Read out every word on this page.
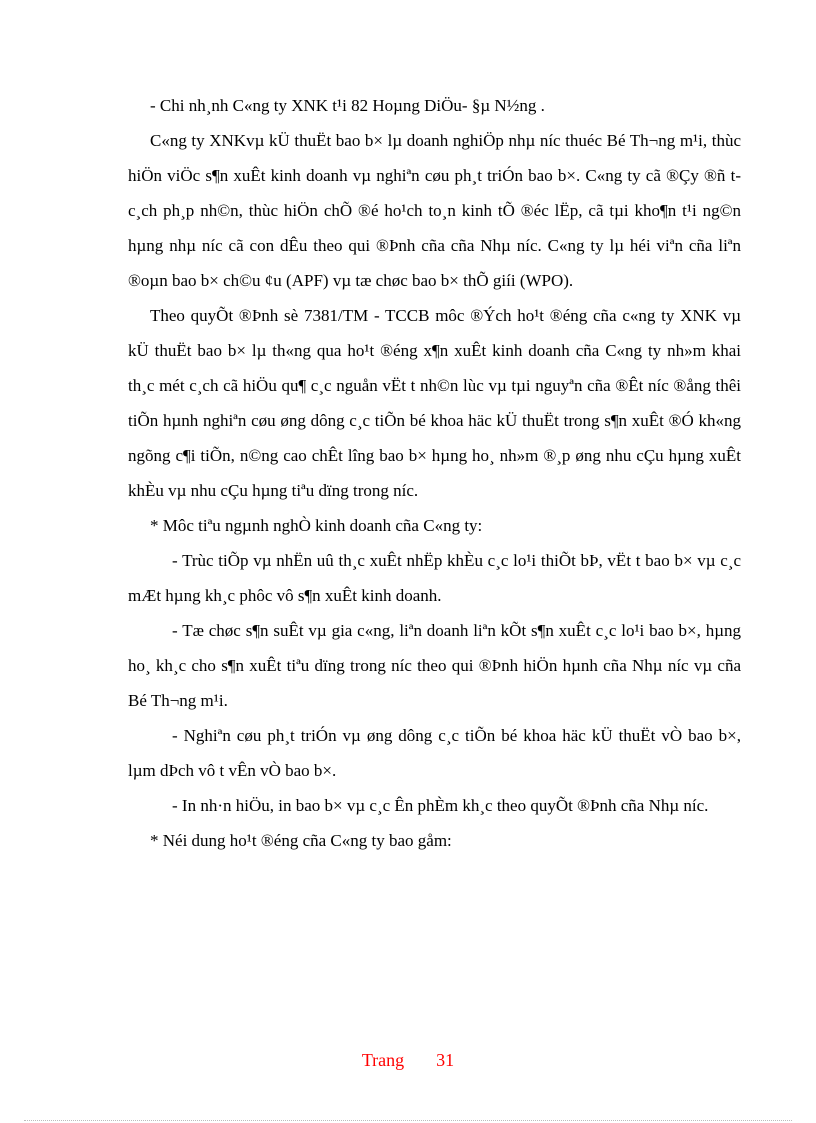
- Chi nh¸nh C«ng ty XNK t¹i 82 Hoµng DiÖu- §µ N½ng .

C«ng ty XNKvµ kÜ thuËt bao b× lµ doanh nghiÖp nhµ níc thuéc Bé Th¬ng m¹i, thùc hiÖn viÖc s¶n xuÊt kinh doanh vµ nghiªn cøu ph¸t triÓn bao b×. C«ng ty cã ®Çy ®ñ t c¸ch ph¸p nh©n, thùc hiÖn chÕ ®é ho¹ch to¸n kinh tÕ ®éc lËp, cã tµi kho¶n t¹i ng©n hµng nhµ níc cã con dÊu theo qui ®Þnh cña cña Nhµ níc. C«ng ty lµ héi viªn cña liªn ®oµn bao b× ch©u ¢u (APF) vµ tæ chøc bao b× thÕ giíi (WPO).

Theo quyÕt ®Þnh sè 7381/TM - TCCB môc ®Ých ho¹t ®éng cña c«ng ty XNK vµ kÜ thuËt bao b× lµ th«ng qua ho¹t ®éng x¶n xuÊt kinh doanh cña C«ng ty nh»m khai th¸c mét c¸ch cã hiÖu qu¶ c¸c nguån vËt t nh©n lùc vµ tµi nguyªn cña ®Êt níc ®ång thêi tiÕn hµnh nghiªn cøu øng dông c¸c tiÕn bé khoa häc kÜ thuËt trong s¶n xuÊt ®Ó kh«ng ngõng c¶i tiÕn, n©ng cao chÊt lîng bao b× hµng ho¸ nh»m ®¸p øng nhu cÇu hµng xuÊt khÈu vµ nhu cÇu hµng tiªu dïng trong níc.

* Môc tiªu ngµnh nghÒ kinh doanh cña C«ng ty:

- Trùc tiÕp vµ nhËn uû th¸c xuÊt nhËp khÈu c¸c lo¹i thiÕt bÞ, vËt t bao b× vµ c¸c mÆt hµng kh¸c phôc vô s¶n xuÊt kinh doanh.

- Tæ chøc s¶n suÊt vµ gia c«ng, liªn doanh liªn kÕt s¶n xuÊt c¸c lo¹i bao b×, hµng ho¸ kh¸c cho s¶n xuÊt tiªu dïng trong níc theo qui ®Þnh hiÖn hµnh cña Nhµ níc vµ cña Bé Th¬ng m¹i.

- Nghiªn cøu ph¸t triÓn vµ øng dông c¸c tiÕn bé khoa häc kÜ thuËt vÒ bao b×, lµm dÞch vô t vÊn vÒ bao b×.

- In nh·n hiÖu, in bao b× vµ c¸c Ên phÈm kh¸c theo quyÕt ®Þnh cña Nhµ níc.

* Néi dung ho¹t ®éng cña C«ng ty bao gåm:

Trang 31
